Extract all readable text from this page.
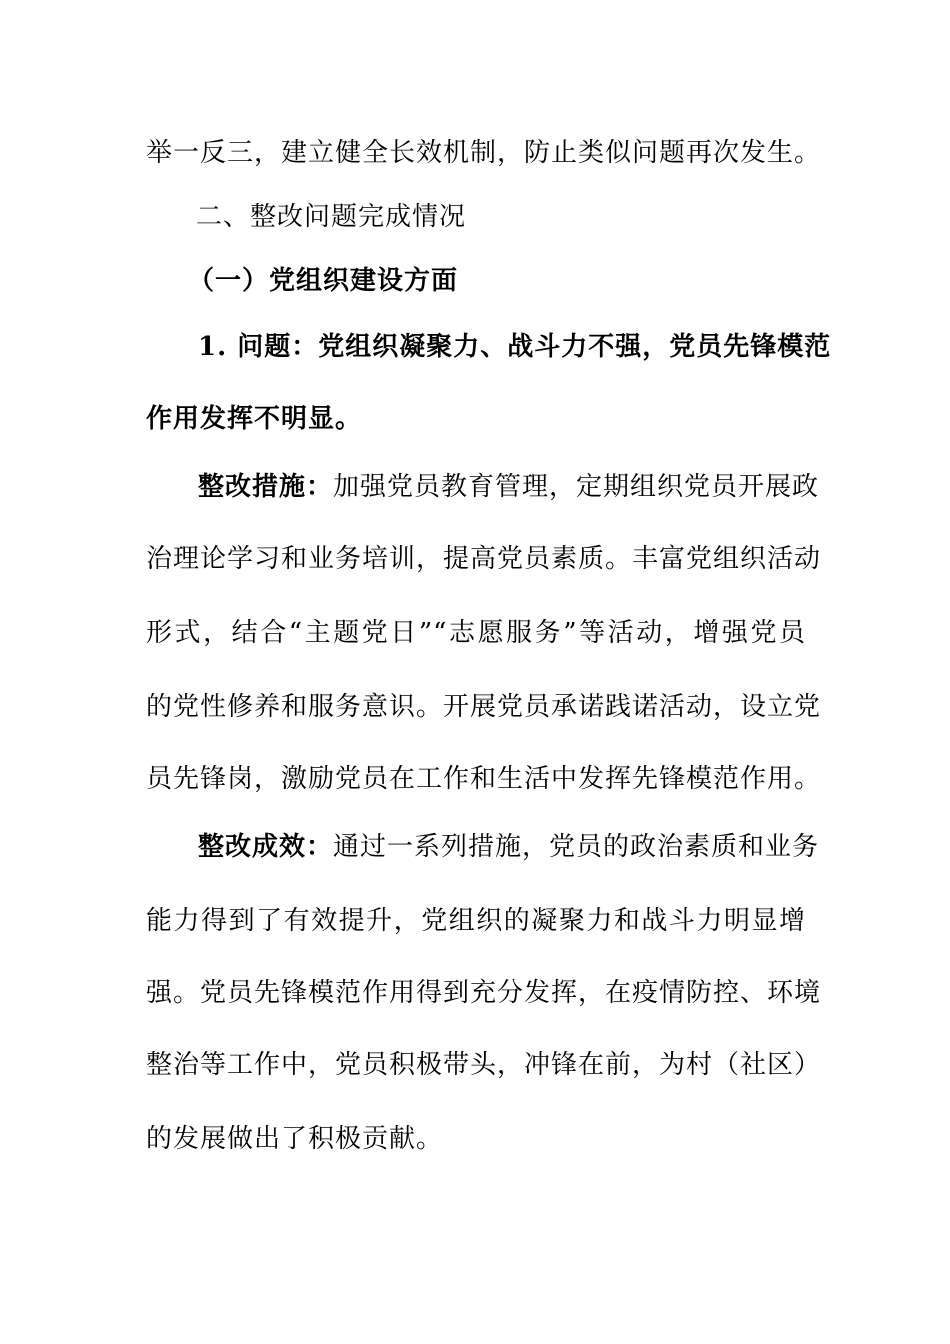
举一反三，建立健全长效机制，防止类似问题再次发生。
二、整改问题完成情况
（一）党组织建设方面
1. 问题：党组织凝聚力、战斗力不强，党员先锋模范
作用发挥不明显。
整改措施：加强党员教育管理，定期组织党员开展政
治理论学习和业务培训，提高党员素质。丰富党组织活动
形式，结合“主题党日”“志愿服务”等活动，增强党员
的党性修养和服务意识。开展党员承诺践诺活动，设立党
员先锋岗，激励党员在工作和生活中发挥先锋模范作用。
整改成效：通过一系列措施，党员的政治素质和业务
能力得到了有效提升，党组织的凝聚力和战斗力明显增
强。党员先锋模范作用得到充分发挥，在疫情防控、环境
整治等工作中，党员积极带头，冲锋在前，为村（社区）
的发展做出了积极贡献。
